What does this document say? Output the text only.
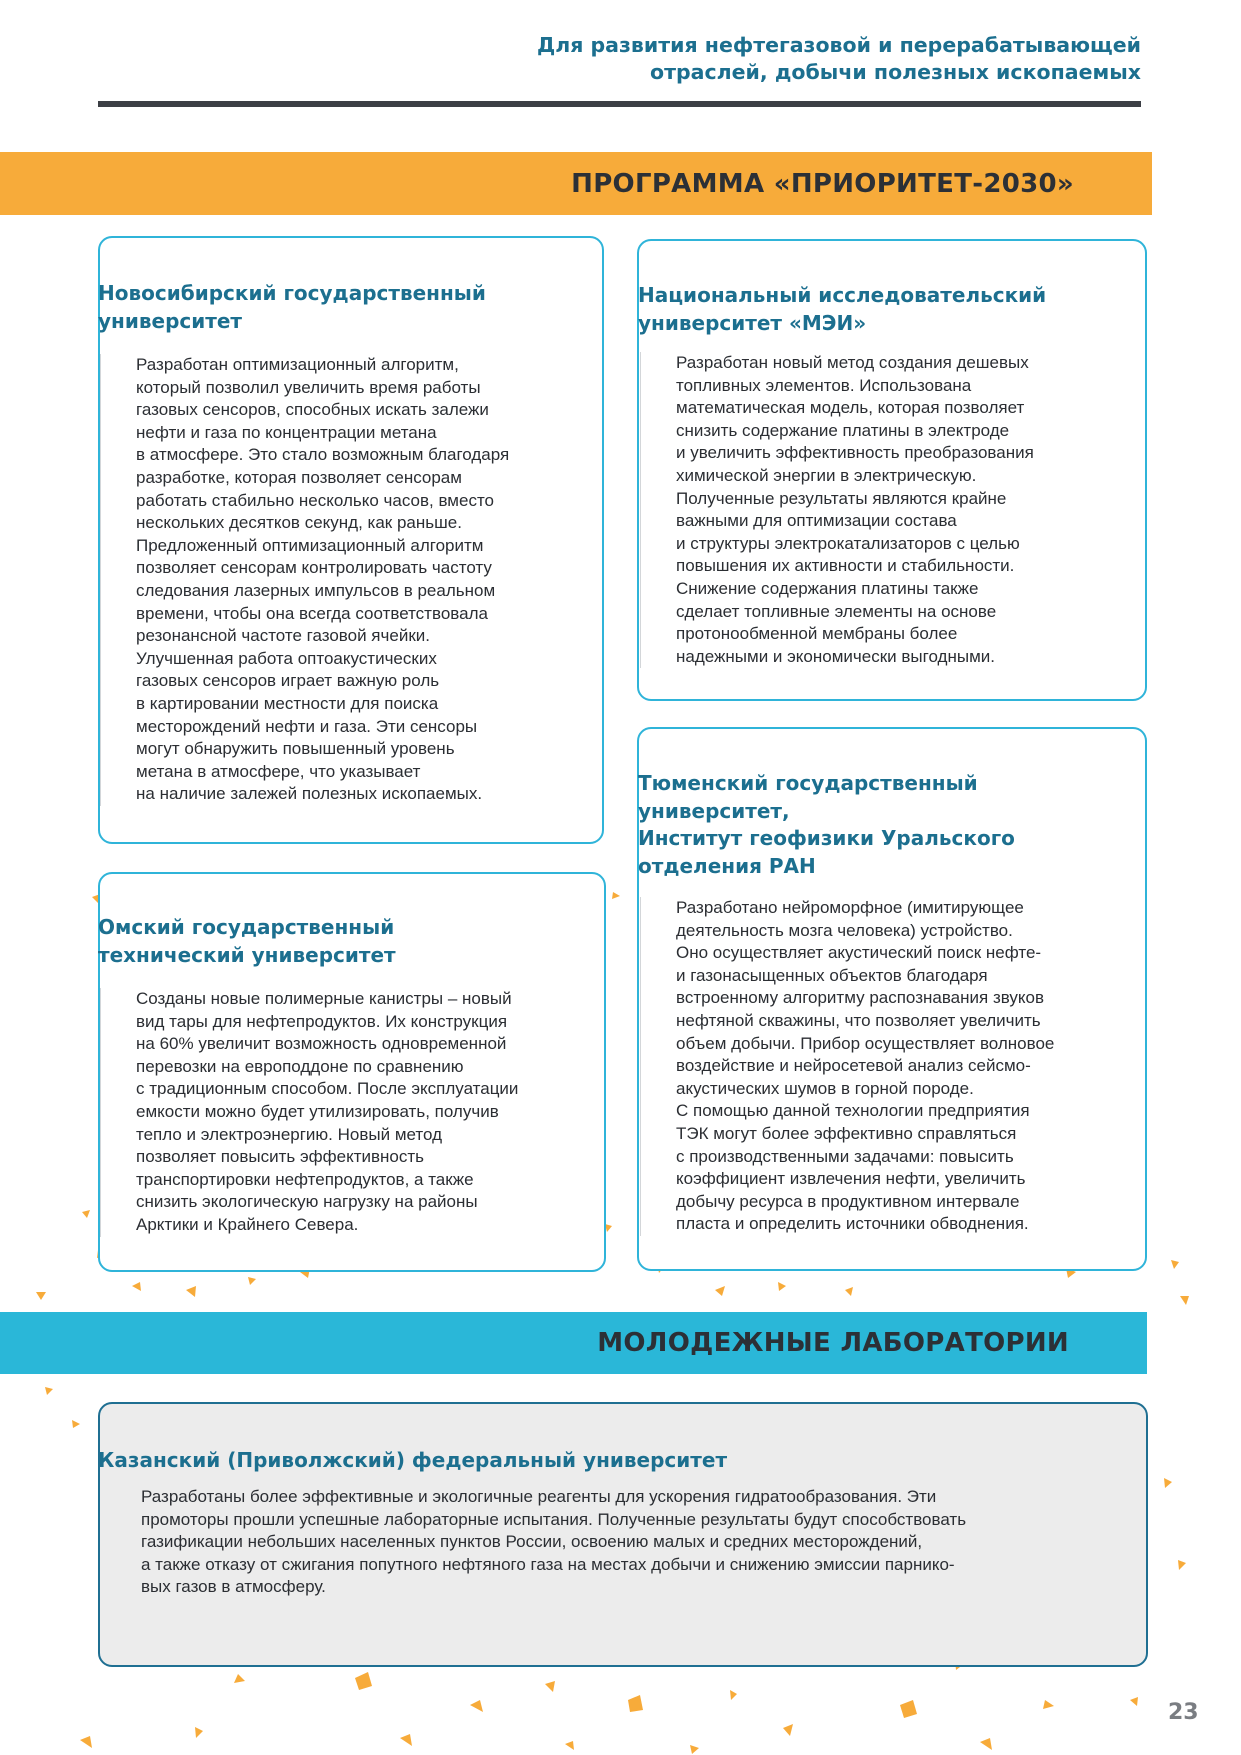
Для развития нефтегазовой и перерабатывающей
отраслей, добычи полезных ископаемых
ПРОГРАММА «ПРИОРИТЕТ-2030»
Новосибирский государственный
университет
Разработан оптимизационный алгоритм,
который позволил увеличить время работы
газовых сенсоров, способных искать залежи
нефти и газа по концентрации метана
в атмосфере. Это стало возможным благодаря
разработке, которая позволяет сенсорам
работать стабильно несколько часов, вместо
нескольких десятков секунд, как раньше.
Предложенный оптимизационный алгоритм
позволяет сенсорам контролировать частоту
следования лазерных импульсов в реальном
времени, чтобы она всегда соответствовала
резонансной частоте газовой ячейки.
Улучшенная работа оптоакустических
газовых сенсоров играет важную роль
в картировании местности для поиска
месторождений нефти и газа. Эти сенсоры
могут обнаружить повышенный уровень
метана в атмосфере, что указывает
на наличие залежей полезных ископаемых.
Национальный исследовательский
университет «МЭИ»
Разработан новый метод создания дешевых
топливных элементов. Использована
математическая модель, которая позволяет
снизить содержание платины в электроде
и увеличить эффективность преобразования
химической энергии в электрическую.
Полученные результаты являются крайне
важными для оптимизации состава
и структуры электрокатализаторов с целью
повышения их активности и стабильности.
Снижение содержания платины также
сделает топливные элементы на основе
протонообменной мембраны более
надежными и экономически выгодными.
Тюменский государственный
университет,
Институт геофизики Уральского
отделения РАН
Разработано нейроморфное (имитирующее
деятельность мозга человека) устройство.
Оно осуществляет акустический поиск нефте-
и газонасыщенных объектов благодаря
встроенному алгоритму распознавания звуков
нефтяной скважины, что позволяет увеличить
объем добычи. Прибор осуществляет волновое
воздействие и нейросетевой анализ сейсмо-
акустических шумов в горной породе.
С помощью данной технологии предприятия
ТЭК могут более эффективно справляться
с производственными задачами: повысить
коэффициент извлечения нефти, увеличить
добычу ресурса в продуктивном интервале
пласта и определить источники обводнения.
Омский государственный
технический университет
Созданы новые полимерные канистры – новый
вид тары для нефтепродуктов. Их конструкция
на 60% увеличит возможность одновременной
перевозки на европоддоне по сравнению
с традиционным способом. После эксплуатации
емкости можно будет утилизировать, получив
тепло и электроэнергию. Новый метод
позволяет повысить эффективность
транспортировки нефтепродуктов, а также
снизить экологическую нагрузку на районы
Арктики и Крайнего Севера.
МОЛОДЕЖНЫЕ ЛАБОРАТОРИИ
Казанский (Приволжский) федеральный университет
Разработаны более эффективные и экологичные реагенты для ускорения гидратообразования. Эти
промоторы прошли успешные лабораторные испытания. Полученные результаты будут способствовать
газификации небольших населенных пунктов России, освоению малых и средних месторождений,
а также отказу от сжигания попутного нефтяного газа на местах добычи и снижению эмиссии парнико-
вых газов в атмосферу.
23
